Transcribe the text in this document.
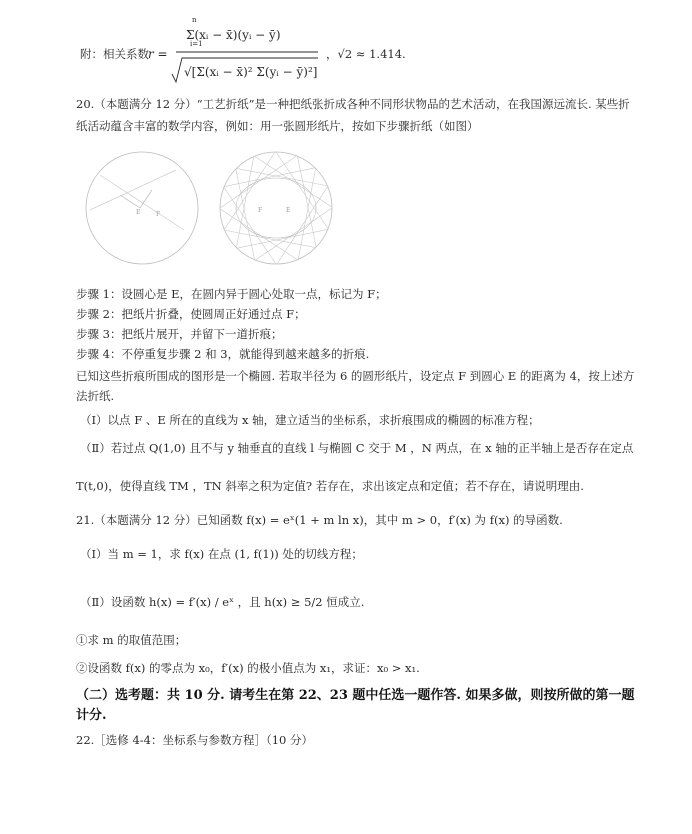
附：相关系数 r =
n
i=1
Σ(xᵢ − x̄)(yᵢ − ȳ)
√[Σ(xᵢ − x̄)² Σ(yᵢ − ȳ)²]
，√2 ≈ 1.414.
20.（本题满分 12 分）“工艺折纸”是一种把纸张折成各种不同形状物品的艺术活动，在我国源远流长. 某些折
纸活动蕴含丰富的数学内容，例如：用一张圆形纸片，按如下步骤折纸（如图）
E	F
F	E
步骤 1：设圆心是 E，在圆内异于圆心处取一点，标记为 F；
步骤 2：把纸片折叠，使圆周正好通过点 F；
步骤 3：把纸片展开，并留下一道折痕；
步骤 4：不停重复步骤 2 和 3，就能得到越来越多的折痕.
已知这些折痕所围成的图形是一个椭圆. 若取半径为 6 的圆形纸片，设定点 F 到圆心 E 的距离为 4，按上述方
法折纸.
（Ⅰ）以点 F 、E 所在的直线为 x 轴，建立适当的坐标系，求折痕围成的椭圆的标准方程；
（Ⅱ）若过点 Q(1,0) 且不与 y 轴垂直的直线 l 与椭圆 C 交于 M ，N 两点，在 x 轴的正半轴上是否存在定点
T(t,0)，使得直线 TM ，TN 斜率之积为定值? 若存在，求出该定点和定值；若不存在，请说明理由.
21.（本题满分 12 分）已知函数 f(x) = eˣ(1 + m ln x)，其中 m > 0，f′(x) 为 f(x) 的导函数.
（Ⅰ）当 m = 1，求 f(x) 在点 (1, f(1)) 处的切线方程；
（Ⅱ）设函数 h(x) = f′(x) / eˣ ，且 h(x) ≥ 5/2 恒成立.
①求 m 的取值范围；
②设函数 f(x) 的零点为 x₀，f′(x) 的极小值点为 x₁，求证：x₀ > x₁.
（二）选考题：共 10 分. 请考生在第 22、23 题中任选一题作答. 如果多做，则按所做的第一题
计分.
22.［选修 4-4：坐标系与参数方程］（10 分）
